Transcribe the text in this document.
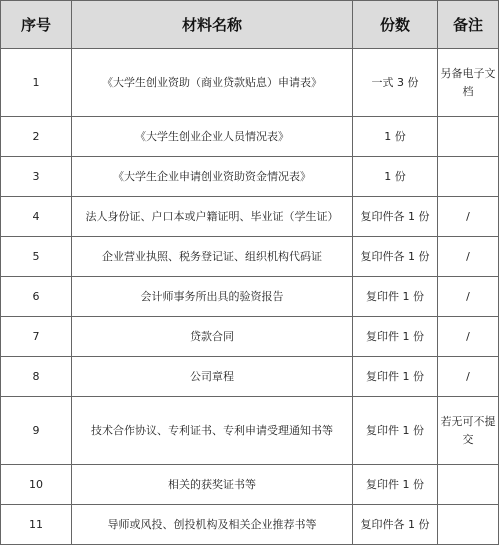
序号	材料名称	份数	备注
1	《大学生创业资助（商业贷款贴息）申请表》	一式 3 份	另备电子文档
2	《大学生创业企业人员情况表》	1 份	
3	《大学生企业申请创业资助资金情况表》	1 份	
4	法人身份证、户口本或户籍证明、毕业证（学生证）	复印件各 1 份	/
5	企业营业执照、税务登记证、组织机构代码证	复印件各 1 份	/
6	会计师事务所出具的验资报告	复印件 1 份	/
7	贷款合同	复印件 1 份	/
8	公司章程	复印件 1 份	/
9	技术合作协议、专利证书、专利申请受理通知书等	复印件 1 份	若无可不提交
10	相关的获奖证书等	复印件 1 份	
11	导师或风投、创投机构及相关企业推荐书等	复印件各 1 份	
